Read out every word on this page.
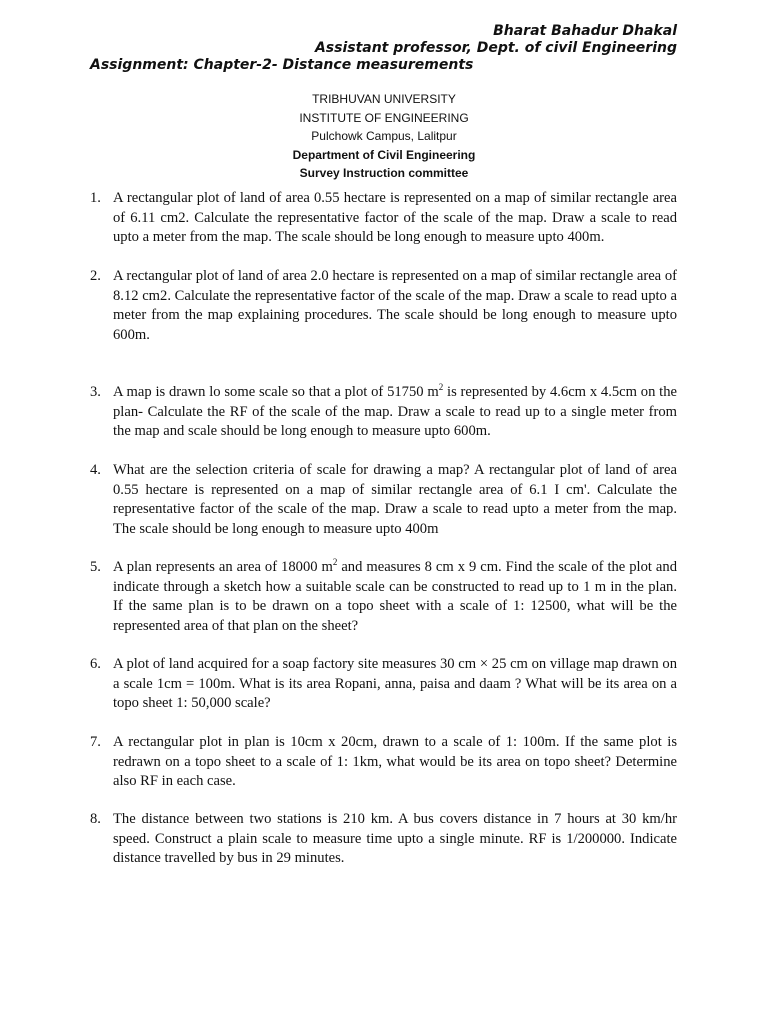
Bharat Bahadur Dhakal
Assistant professor, Dept. of civil Engineering
Assignment: Chapter-2- Distance measurements
TRIBHUVAN UNIVERSITY
INSTITUTE OF ENGINEERING
Pulchowk Campus, Lalitpur
Department of Civil Engineering
Survey Instruction committee
1. A rectangular plot of land of area 0.55 hectare is represented on a map of similar rectangle area of 6.11 cm2. Calculate the representative factor of the scale of the map. Draw a scale to read upto a meter from the map. The scale should be long enough to measure upto 400m.
2. A rectangular plot of land of area 2.0 hectare is represented on a map of similar rectangle area of 8.12 cm2. Calculate the representative factor of the scale of the map. Draw a scale to read upto a meter from the map explaining procedures. The scale should be long enough to measure upto 600m.
3. A map is drawn lo some scale so that a plot of 51750 $m^2$ is represented by 4.6cm x 4.5cm on the plan- Calculate the RF of the scale of the map. Draw a scale to read up to a single meter from the map and scale should be long enough to measure upto 600m.
4. What are the selection criteria of scale for drawing a map? A rectangular plot of land of area 0.55 hectare is represented on a map of similar rectangle area of 6.1 I cm'. Calculate the representative factor of the scale of the map. Draw a scale to read upto a meter from the map. The scale should be long enough to measure upto 400m
5. A plan represents an area of 18000 $m^2$ and measures 8 cm x 9 cm. Find the scale of the plot and indicate through a sketch how a suitable scale can be constructed to read up to 1 m in the plan. If the same plan is to be drawn on a topo sheet with a scale of 1: 12500, what will be the represented area of that plan on the sheet?
6. A plot of land acquired for a soap factory site measures 30 cm × 25 cm on village map drawn on a scale 1cm = 100m. What is its area Ropani, anna, paisa and daam ? What will be its area on a topo sheet 1: 50,000 scale?
7. A rectangular plot in plan is 10cm x 20cm, drawn to a scale of 1: 100m. If the same plot is redrawn on a topo sheet to a scale of 1: 1km, what would be its area on topo sheet? Determine also RF in each case.
8. The distance between two stations is 210 km. A bus covers distance in 7 hours at 30 km/hr speed. Construct a plain scale to measure time upto a single minute. RF is 1/200000. Indicate distance travelled by bus in 29 minutes.
